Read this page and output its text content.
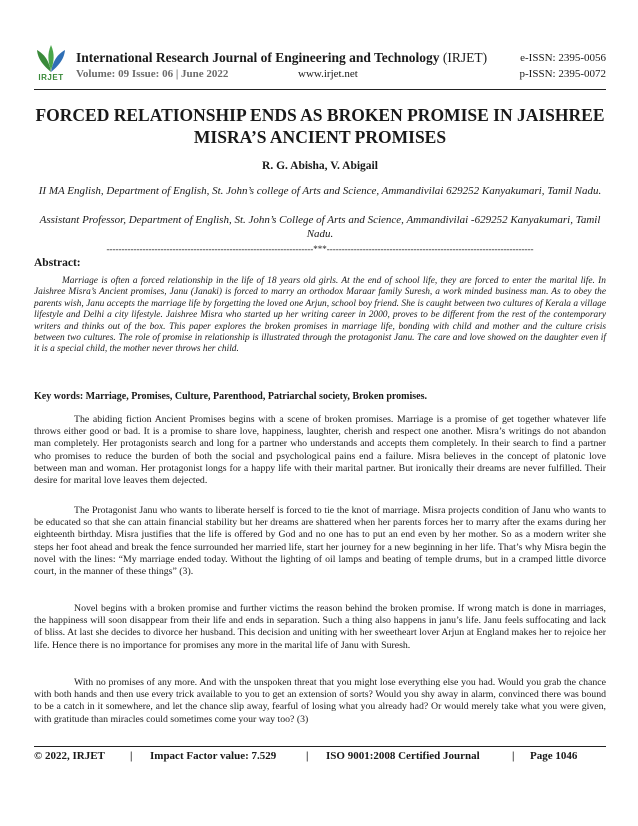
IRJET
International Research Journal of Engineering and Technology (IRJET)
Volume: 09 Issue: 06 | June 2022	www.irjet.net
e-ISSN: 2395-0056
p-ISSN: 2395-0072
FORCED RELATIONSHIP ENDS AS BROKEN PROMISE IN JAISHREE MISRA’S ANCIENT PROMISES
R. G. Abisha, V. Abigail
II MA English, Department of English, St. John’s college of Arts and Science, Ammandivilai 629252 Kanyakumari, Tamil Nadu.
Assistant Professor, Department of English, St. John’s College of Arts and Science, Ammandivilai -629252 Kanyakumari, Tamil Nadu.
---------------------------------------------------------------------***---------------------------------------------------------------------
Abstract:

Marriage is often a forced relationship in the life of 18 years old girls. At the end of school life, they are forced to enter the marital life. In Jaishree Misra’s Ancient promises, Janu (Janaki) is forced to marry an orthodox Maraar family Suresh, a work minded business man. As to obey the parents wish, Janu accepts the marriage life by forgetting the loved one Arjun, school boy friend. She is caught between two cultures of Kerala a village lifestyle and Delhi a city lifestyle. Jaishree Misra who started up her writing career in 2000, proves to be different from the rest of the contemporary writers and thinks out of the box. This paper explores the broken promises in marriage life, bonding with child and mother and the culture crisis between two cultures. The role of promise in relationship is illustrated through the protagonist Janu. The care and love showed on the daughter even if it is a special child, the mother never throws her child.

Key words: Marriage, Promises, Culture, Parenthood, Patriarchal society, Broken promises.

The abiding fiction Ancient Promises begins with a scene of broken promises. Marriage is a promise of get together whatever life throws either good or bad. It is a promise to share love, happiness, laughter, cherish and respect one another. Misra’s writings do not abandon man completely. Her protagonists search and long for a partner who understands and accepts them completely. In their search to find a partner who promises to reduce the burden of both the social and psychological pains end a failure. Misra believes in the concept of platonic love between man and woman. Her protagonist longs for a happy life with their marital partner. But ironically their dreams are never fulfilled. Their desire for marital love leaves them dejected.

The Protagonist Janu who wants to liberate herself is forced to tie the knot of marriage. Misra projects condition of Janu who wants to be educated so that she can attain financial stability but her dreams are shattered when her parents forces her to marry after the exams during her eighteenth birthday. Misra justifies that the life is offered by God and no one has to put an end even by her mother. So as a modern writer she steps her foot ahead and break the fence surrounded her married life, start her journey for a new beginning in her life. That’s why Misra begin the novel with the lines: “My marriage ended today. Without the lighting of oil lamps and beating of temple drums, but in a cramped little divorce court, in the manner of these things” (3).

Novel begins with a broken promise and further victims the reason behind the broken promise. If wrong match is done in marriages, the happiness will soon disappear from their life and ends in separation. Such a thing also happens in janu’s life. Janu feels suffocating and lack of bliss. At last she decides to divorce her husband. This decision and uniting with her sweetheart lover Arjun at England makes her to rejoice her life. Hence there is no importance for promises any more in the marital life of Janu with Suresh.

With no promises of any more. And with the unspoken threat that you might lose everything else you had. Would you grab the chance with both hands and then use every trick available to you to get an extension of sorts? Would you shy away in alarm, convinced there was bound to be a catch in it somewhere, and let the chance slip away, fearful of losing what you already had? Or would merely take what you were given, with gratitude than miracles could sometimes come your way too? (3)

© 2022, IRJET | Impact Factor value: 7.529	| ISO 9001:2008 Certified Journal	| Page 1046
